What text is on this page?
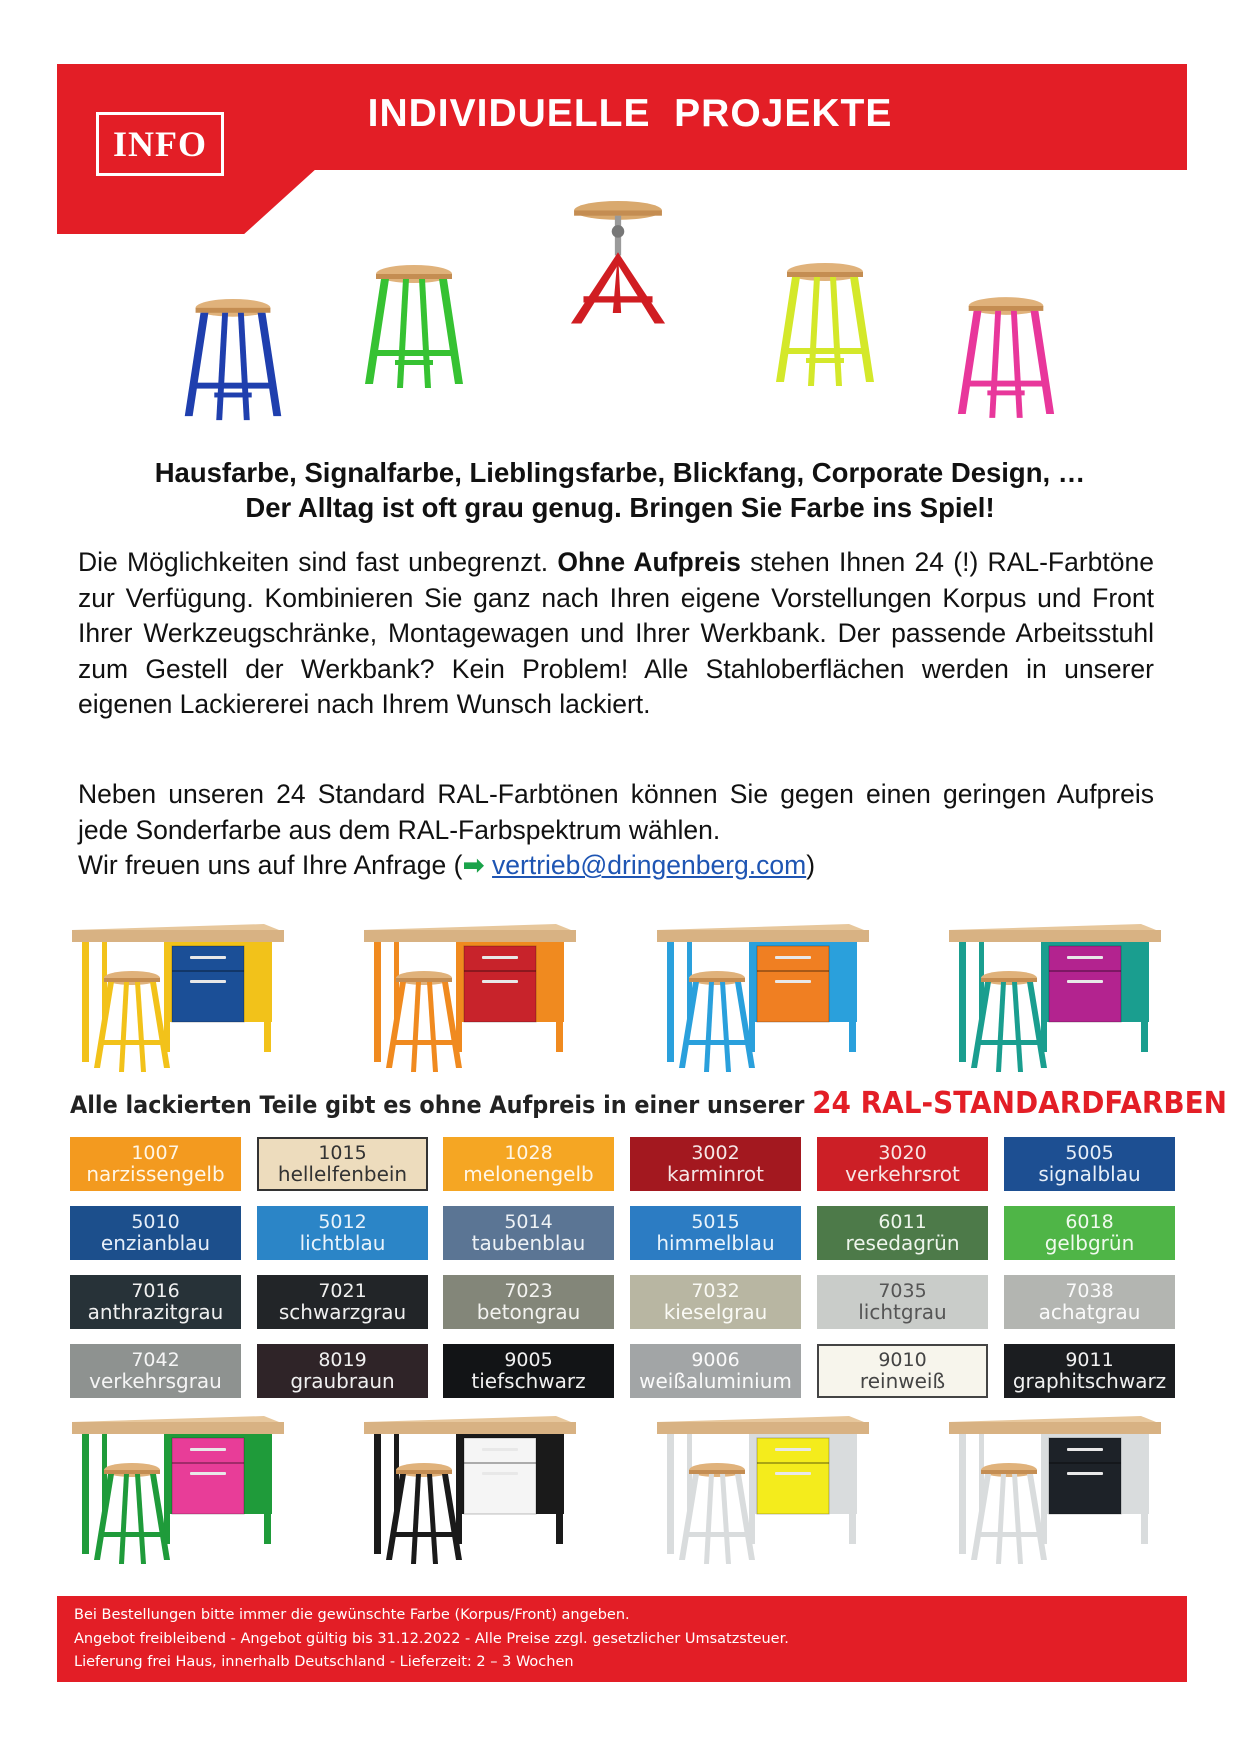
INFO
INDIVIDUELLE  PROJEKTE
Hausfarbe, Signalfarbe, Lieblingsfarbe, Blickfang, Corporate Design, …
Der Alltag ist oft grau genug. Bringen Sie Farbe ins Spiel!
Die Möglichkeiten sind fast unbegrenzt. Ohne Aufpreis stehen Ihnen 24 (!) RAL-Farbtöne zur Verfügung. Kombinieren Sie ganz nach Ihren eigene Vorstellungen Korpus und Front Ihrer Werkzeugschränke, Montagewagen und Ihrer Werkbank. Der passende Arbeitsstuhl zum Gestell der Werkbank? Kein Problem! Alle Stahloberflächen werden in unserer eigenen Lackiererei nach Ihrem Wunsch lackiert.
Neben unseren 24 Standard RAL-Farbtönen können Sie gegen einen geringen Aufpreis jede Sonderfarbe aus dem RAL-Farbspektrum wählen.
Wir freuen uns auf Ihre Anfrage (➡ vertrieb@dringenberg.com)
Alle lackierten Teile gibt es ohne Aufpreis in einer unserer 24 RAL-STANDARDFARBEN
1007
narzissengelb
1015
hellelfenbein
1028
melonengelb
3002
karminrot
3020
verkehrsrot
5005
signalblau
5010
enzianblau
5012
lichtblau
5014
taubenblau
5015
himmelblau
6011
resedagrün
6018
gelbgrün
7016
anthrazitgrau
7021
schwarzgrau
7023
betongrau
7032
kieselgrau
7035
lichtgrau
7038
achatgrau
7042
verkehrsgrau
8019
graubraun
9005
tiefschwarz
9006
weißaluminium
9010
reinweiß
9011
graphitschwarz
Bei Bestellungen bitte immer die gewünschte Farbe (Korpus/Front) angeben.
Angebot freibleibend - Angebot gültig bis 31.12.2022 - Alle Preise zzgl. gesetzlicher Umsatzsteuer.
Lieferung frei Haus, innerhalb Deutschland - Lieferzeit: 2 – 3 Wochen
